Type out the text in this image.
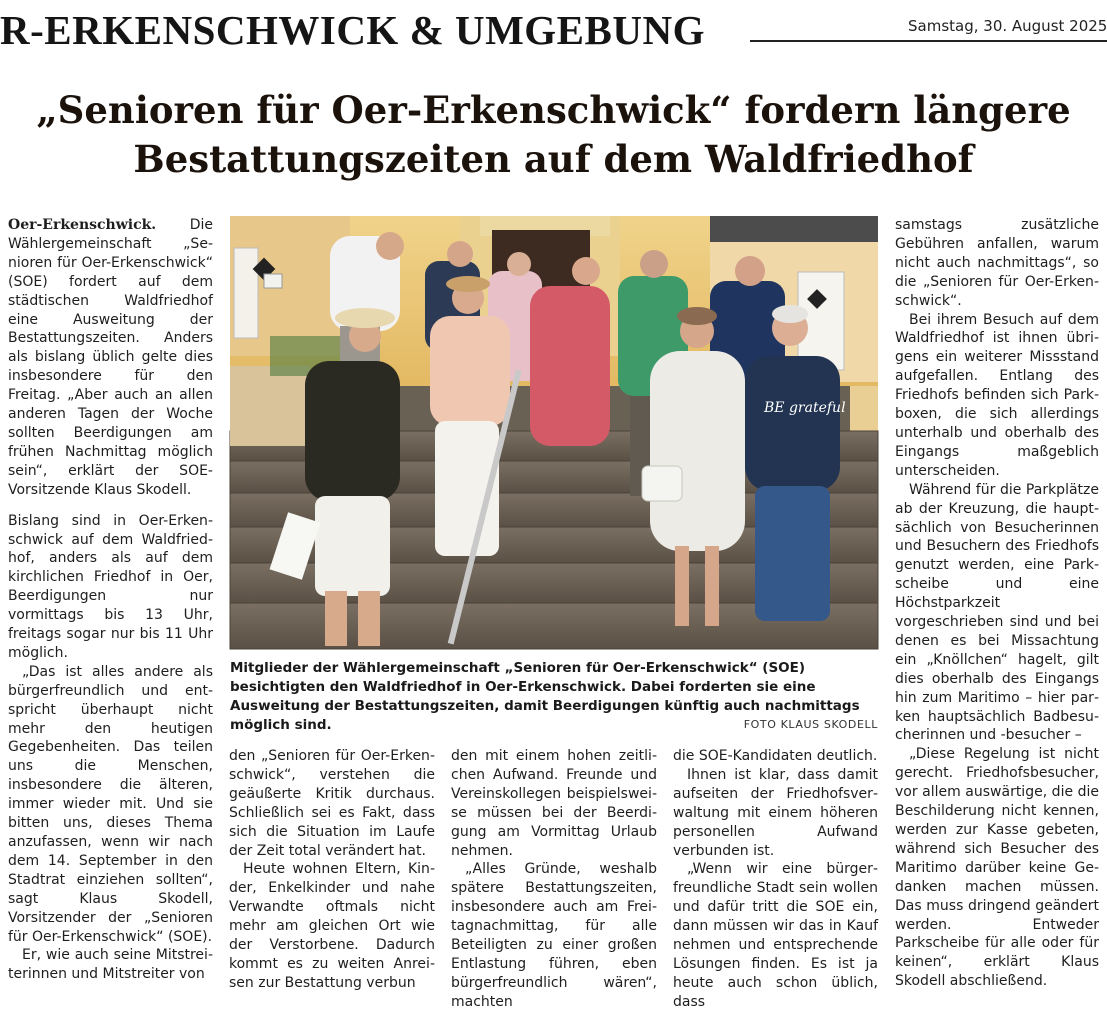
R-ERKENSCHWICK & UMGEBUNG	Samstag, 30. August 2025
„Senioren für Oer-Erkenschwick“ fordern längere Bestattungszeiten auf dem Waldfriedhof

Oer-Erkenschwick. Die Wählergemeinschaft „Senioren für Oer-Erkenschwick“ (SOE) fordert auf dem städtischen Waldfriedhof eine Ausweitung der Bestattungszeiten. Anders als bislang üblich gelte dies insbesondere für den Freitag. „Aber auch an allen anderen Tagen der Woche sollten Beerdigungen am frühen Nachmittag möglich sein“, erklärt der SOE-Vorsitzende Klaus Skodell.

Bislang sind in Oer-Erkenschwick auf dem Waldfriedhof, anders als auf dem kirchlichen Friedhof in Oer, Beerdigungen nur vormittags bis 13 Uhr, freitags sogar nur bis 11 Uhr möglich.

„Das ist alles andere als bürgerfreundlich und entspricht überhaupt nicht mehr den heutigen Gegebenheiten. Das teilen uns die Menschen, insbesondere die älteren, immer wieder mit. Und sie bitten uns, dieses Thema anzufassen, wenn wir nach dem 14. September in den Stadtrat einziehen sollten“, sagt Klaus Skodell, Vorsitzender der „Senioren für Oer-Erkenschwick“ (SOE).

Er, wie auch seine Mitstreiterinnen und Mitstreiter von

BE grateful

Mitglieder der Wählergemeinschaft „Senioren für Oer-Erkenschwick“ (SOE) besichtigten den Waldfriedhof in Oer-Erkenschwick. Dabei forderten sie eine Ausweitung der Bestattungszeiten, damit Beerdigungen künftig auch nachmittags möglich sind.	FOTO KLAUS SKODELL

den „Senioren für Oer-Erkenschwick“, verstehen die geäußerte Kritik durchaus. Schließlich sei es Fakt, dass sich die Situation im Laufe der Zeit total verändert hat.

Heute wohnen Eltern, Kinder, Enkelkinder und nahe Verwandte oftmals nicht mehr am gleichen Ort wie der Verstorbene. Dadurch kommt es zu weiten Anreisen zur Bestattung verbun

den mit einem hohen zeitlichen Aufwand. Freunde und Vereinskollegen beispielsweise müssen bei der Beerdigung am Vormittag Urlaub nehmen.

„Alles Gründe, weshalb spätere Bestattungszeiten, insbesondere auch am Freitagnachmittag, für alle Beteiligten zu einer großen Entlastung führen, eben bürgerfreundlich wären“, machten

die SOE-Kandidaten deutlich.

Ihnen ist klar, dass damit aufseiten der Friedhofsverwaltung mit einem höheren personellen Aufwand verbunden ist.

„Wenn wir eine bürgerfreundliche Stadt sein wollen und dafür tritt die SOE ein, dann müssen wir das in Kauf nehmen und entsprechende Lösungen finden. Es ist ja heute auch schon üblich, dass

samstags zusätzliche Gebühren anfallen, warum nicht auch nachmittags“, so die „Senioren für Oer-Erkenschwick“.

Bei ihrem Besuch auf dem Waldfriedhof ist ihnen übrigens ein weiterer Missstand aufgefallen. Entlang des Friedhofs befinden sich Parkboxen, die sich allerdings unterhalb und oberhalb des Eingangs maßgeblich unterscheiden.

Während für die Parkplätze ab der Kreuzung, die hauptsächlich von Besucherinnen und Besuchern des Friedhofs genutzt werden, eine Parkscheibe und eine Höchstparkzeit vorgeschrieben sind und bei denen es bei Missachtung ein „Knöllchen“ hagelt, gilt dies oberhalb des Eingangs hin zum Maritimo – hier parken hauptsächlich Badbesucherinnen und -besucher –

„Diese Regelung ist nicht gerecht. Friedhofsbesucher, vor allem auswärtige, die die Beschilderung nicht kennen, werden zur Kasse gebeten, während sich Besucher des Maritimo darüber keine Gedanken machen müssen. Das muss dringend geändert werden. Entweder Parkscheibe für alle oder für keinen“, erklärt Klaus Skodell abschließend.
